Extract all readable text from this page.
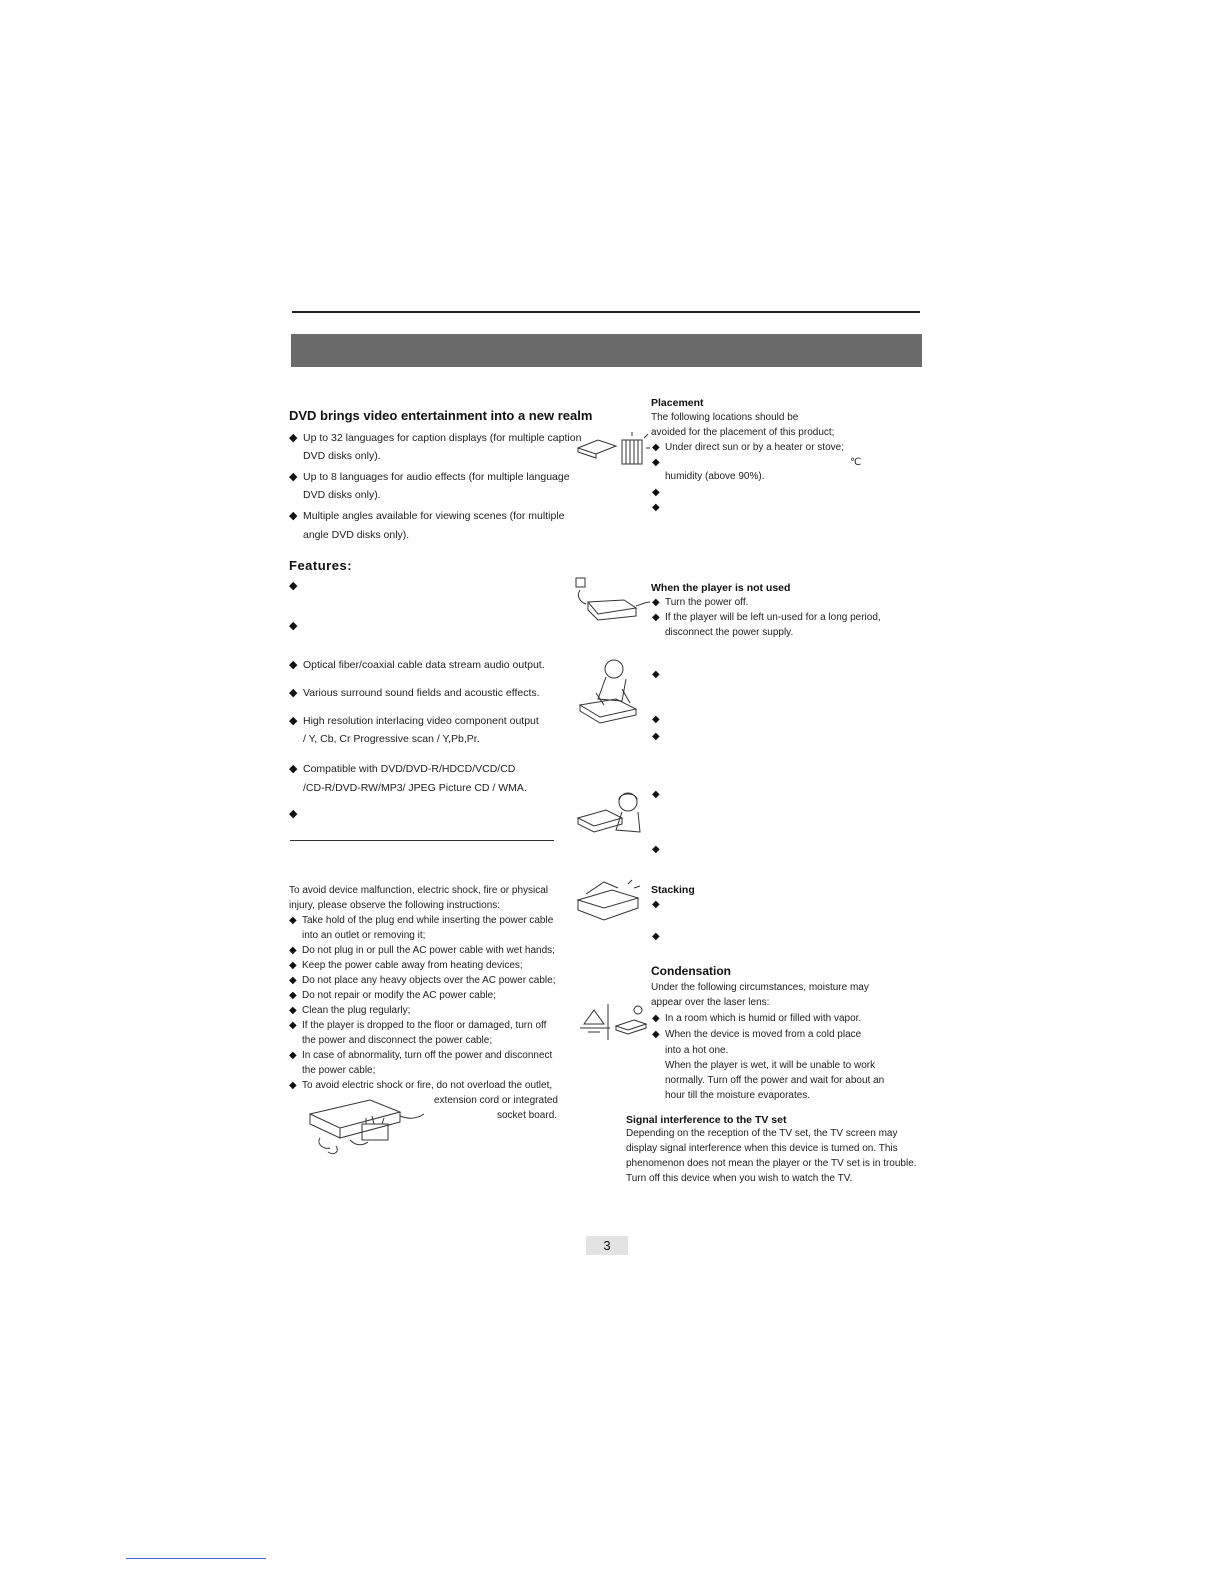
DVD brings video entertainment into a new realm
◆
Up to 32 languages for caption displays (for multiple caption
DVD disks only).
◆
Up to 8 languages for audio effects (for multiple language
DVD disks only).
◆
Multiple angles available for viewing scenes (for multiple
angle DVD disks only).
Features:
◆
◆
◆
Optical fiber/coaxial cable data stream audio output.
◆
Various surround sound fields and acoustic effects.
◆
High resolution interlacing video component output
/ Y, Cb, Cr Progressive scan / Y,Pb,Pr.
◆
Compatible with DVD/DVD-R/HDCD/VCD/CD
/CD-R/DVD-RW/MP3/ JPEG Picture CD / WMA.
◆
To avoid device malfunction, electric shock, fire or physical
injury, please observe the following instructions:
◆
Take hold of the plug end while inserting the power cable
into an outlet or removing it;
◆
Do not plug in or pull the AC power cable with wet hands;
◆
Keep the power cable away from heating devices;
◆
Do not place any heavy objects over the AC power cable;
◆
Do not repair or modify the AC power cable;
◆
Clean the plug regularly;
◆
If the player is dropped to the floor or damaged, turn off
the power and disconnect the power cable;
◆
In case of abnormality, turn off the power and disconnect
the power cable;
◆
To avoid electric shock or fire, do not overload the outlet,
extension cord or integrated
socket board.
Placement
The following locations should be
avoided for the placement of this product;
◆
Under direct sun or by a heater or stove;
◆
℃
humidity (above 90%).
◆
◆
When the player is not used
◆
Turn the power off.
◆
If the player will be left un-used for a long period,
disconnect the power supply.
◆
◆
◆
◆
◆
Stacking
◆
◆
Condensation
Under the following circumstances, moisture may
appear over the laser lens:
◆
In a room which is humid or filled with vapor.
◆
When the device is moved from a cold place
into a hot one.
When the player is wet, it will be unable to work
normally. Turn off the power and wait for about an
hour till the moisture evaporates.
Signal interference to the TV set
Depending on the reception of the TV set, the TV screen may
display signal interference when this device is turned on. This
phenomenon does not mean the player or the TV set is in trouble.
Turn off this device when you wish to watch the TV.
3
